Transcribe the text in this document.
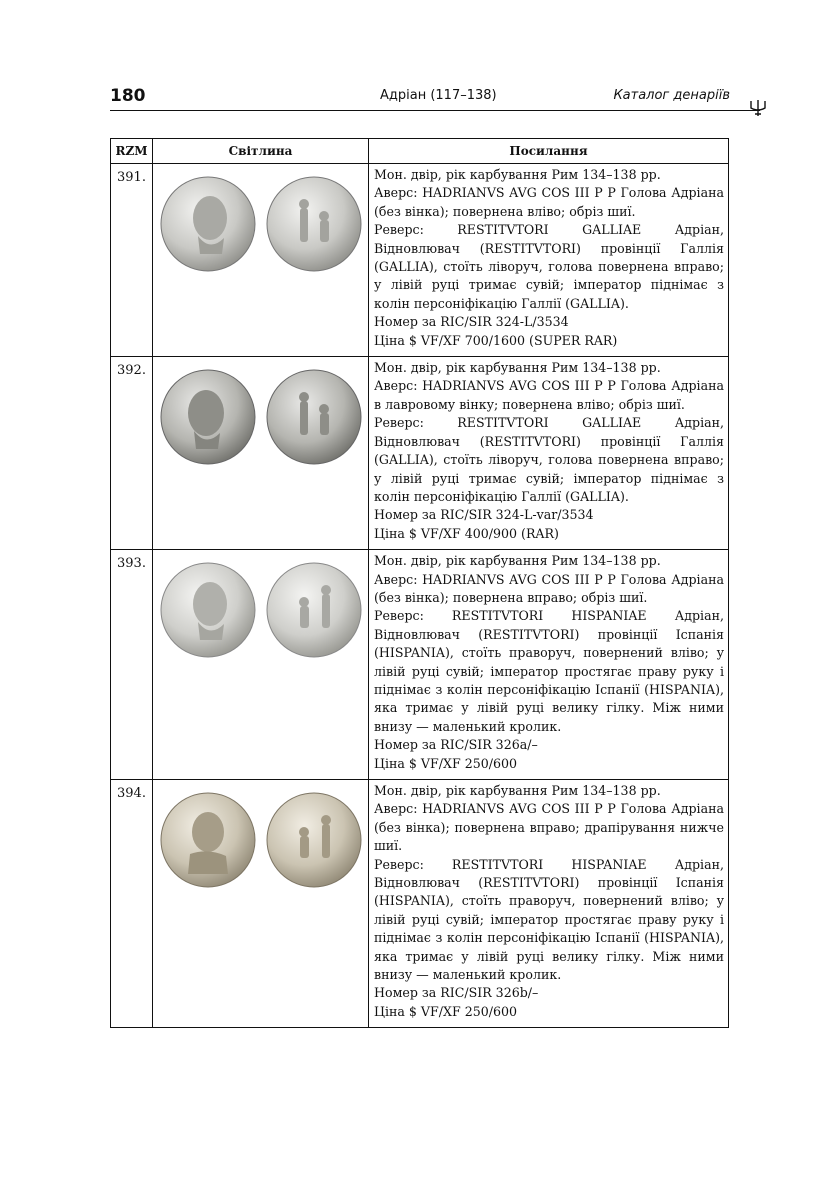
180	Адріан (117–138)	Каталог денаріїв
RZM	Світлина	Посилання
391.		Мон. двір, рік карбування Рим 134–138 рр.
Аверс: HADRIANVS AVG COS III P P Голова Адріана (без вінка); повернена вліво; обріз шиї.
Реверс: RESTITVTORI GALLIAE Адріан, Відновлювач (RESTITVTORI) провінції Галлія (GALLIA), стоїть ліворуч, голова повернена вправо; у лівій руці тримає сувій; імператор піднімає з колін персоніфікацію Галлії (GALLIA).
Номер за RIC/SIR 324-L/3534
Ціна $ VF/XF 700/1600 (SUPER RAR)

392.		Мон. двір, рік карбування Рим 134–138 рр.
Аверс: HADRIANVS AVG COS III P P Голова Адріана в лавровому вінку; повернена вліво; обріз шиї.
Реверс: RESTITVTORI GALLIAE Адріан, Відновлювач (RESTITVTORI) провінції Галлія (GALLIA), стоїть ліворуч, голова повернена вправо; у лівій руці тримає сувій; імператор піднімає з колін персоніфікацію Галлії (GALLIA).
Номер за RIC/SIR 324-L-var/3534
Ціна $ VF/XF 400/900 (RAR)

393.		Мон. двір, рік карбування Рим 134–138 рр.
Аверс: HADRIANVS AVG COS III P P Голова Адріана (без вінка); повернена вправо; обріз шиї.
Реверс: RESTITVTORI HISPANIAE Адріан, Відновлювач (RESTITVTORI) провінції Іспанія (HISPANIA), стоїть праворуч, повернений вліво; у лівій руці сувій; імператор простягає праву руку і піднімає з колін персоніфікацію Іспанії (HISPANIA), яка тримає у лівій руці велику гілку. Між ними внизу — маленький кролик.
Номер за RIC/SIR 326a/–
Ціна $ VF/XF 250/600

394.		Мон. двір, рік карбування Рим 134–138 рр.
Аверс: HADRIANVS AVG COS III P P Голова Адріана (без вінка); повернена вправо; драпірування нижче шиї.
Реверс: RESTITVTORI HISPANIAE Адріан, Відновлювач (RESTITVTORI) провінції Іспанія (HISPANIA), стоїть праворуч, повернений вліво; у лівій руці сувій; імператор простягає праву руку і піднімає з колін персоніфікацію Іспанії (HISPANIA), яка тримає у лівій руці велику гілку. Між ними внизу — маленький кролик.
Номер за RIC/SIR 326b/–
Ціна $ VF/XF 250/600
